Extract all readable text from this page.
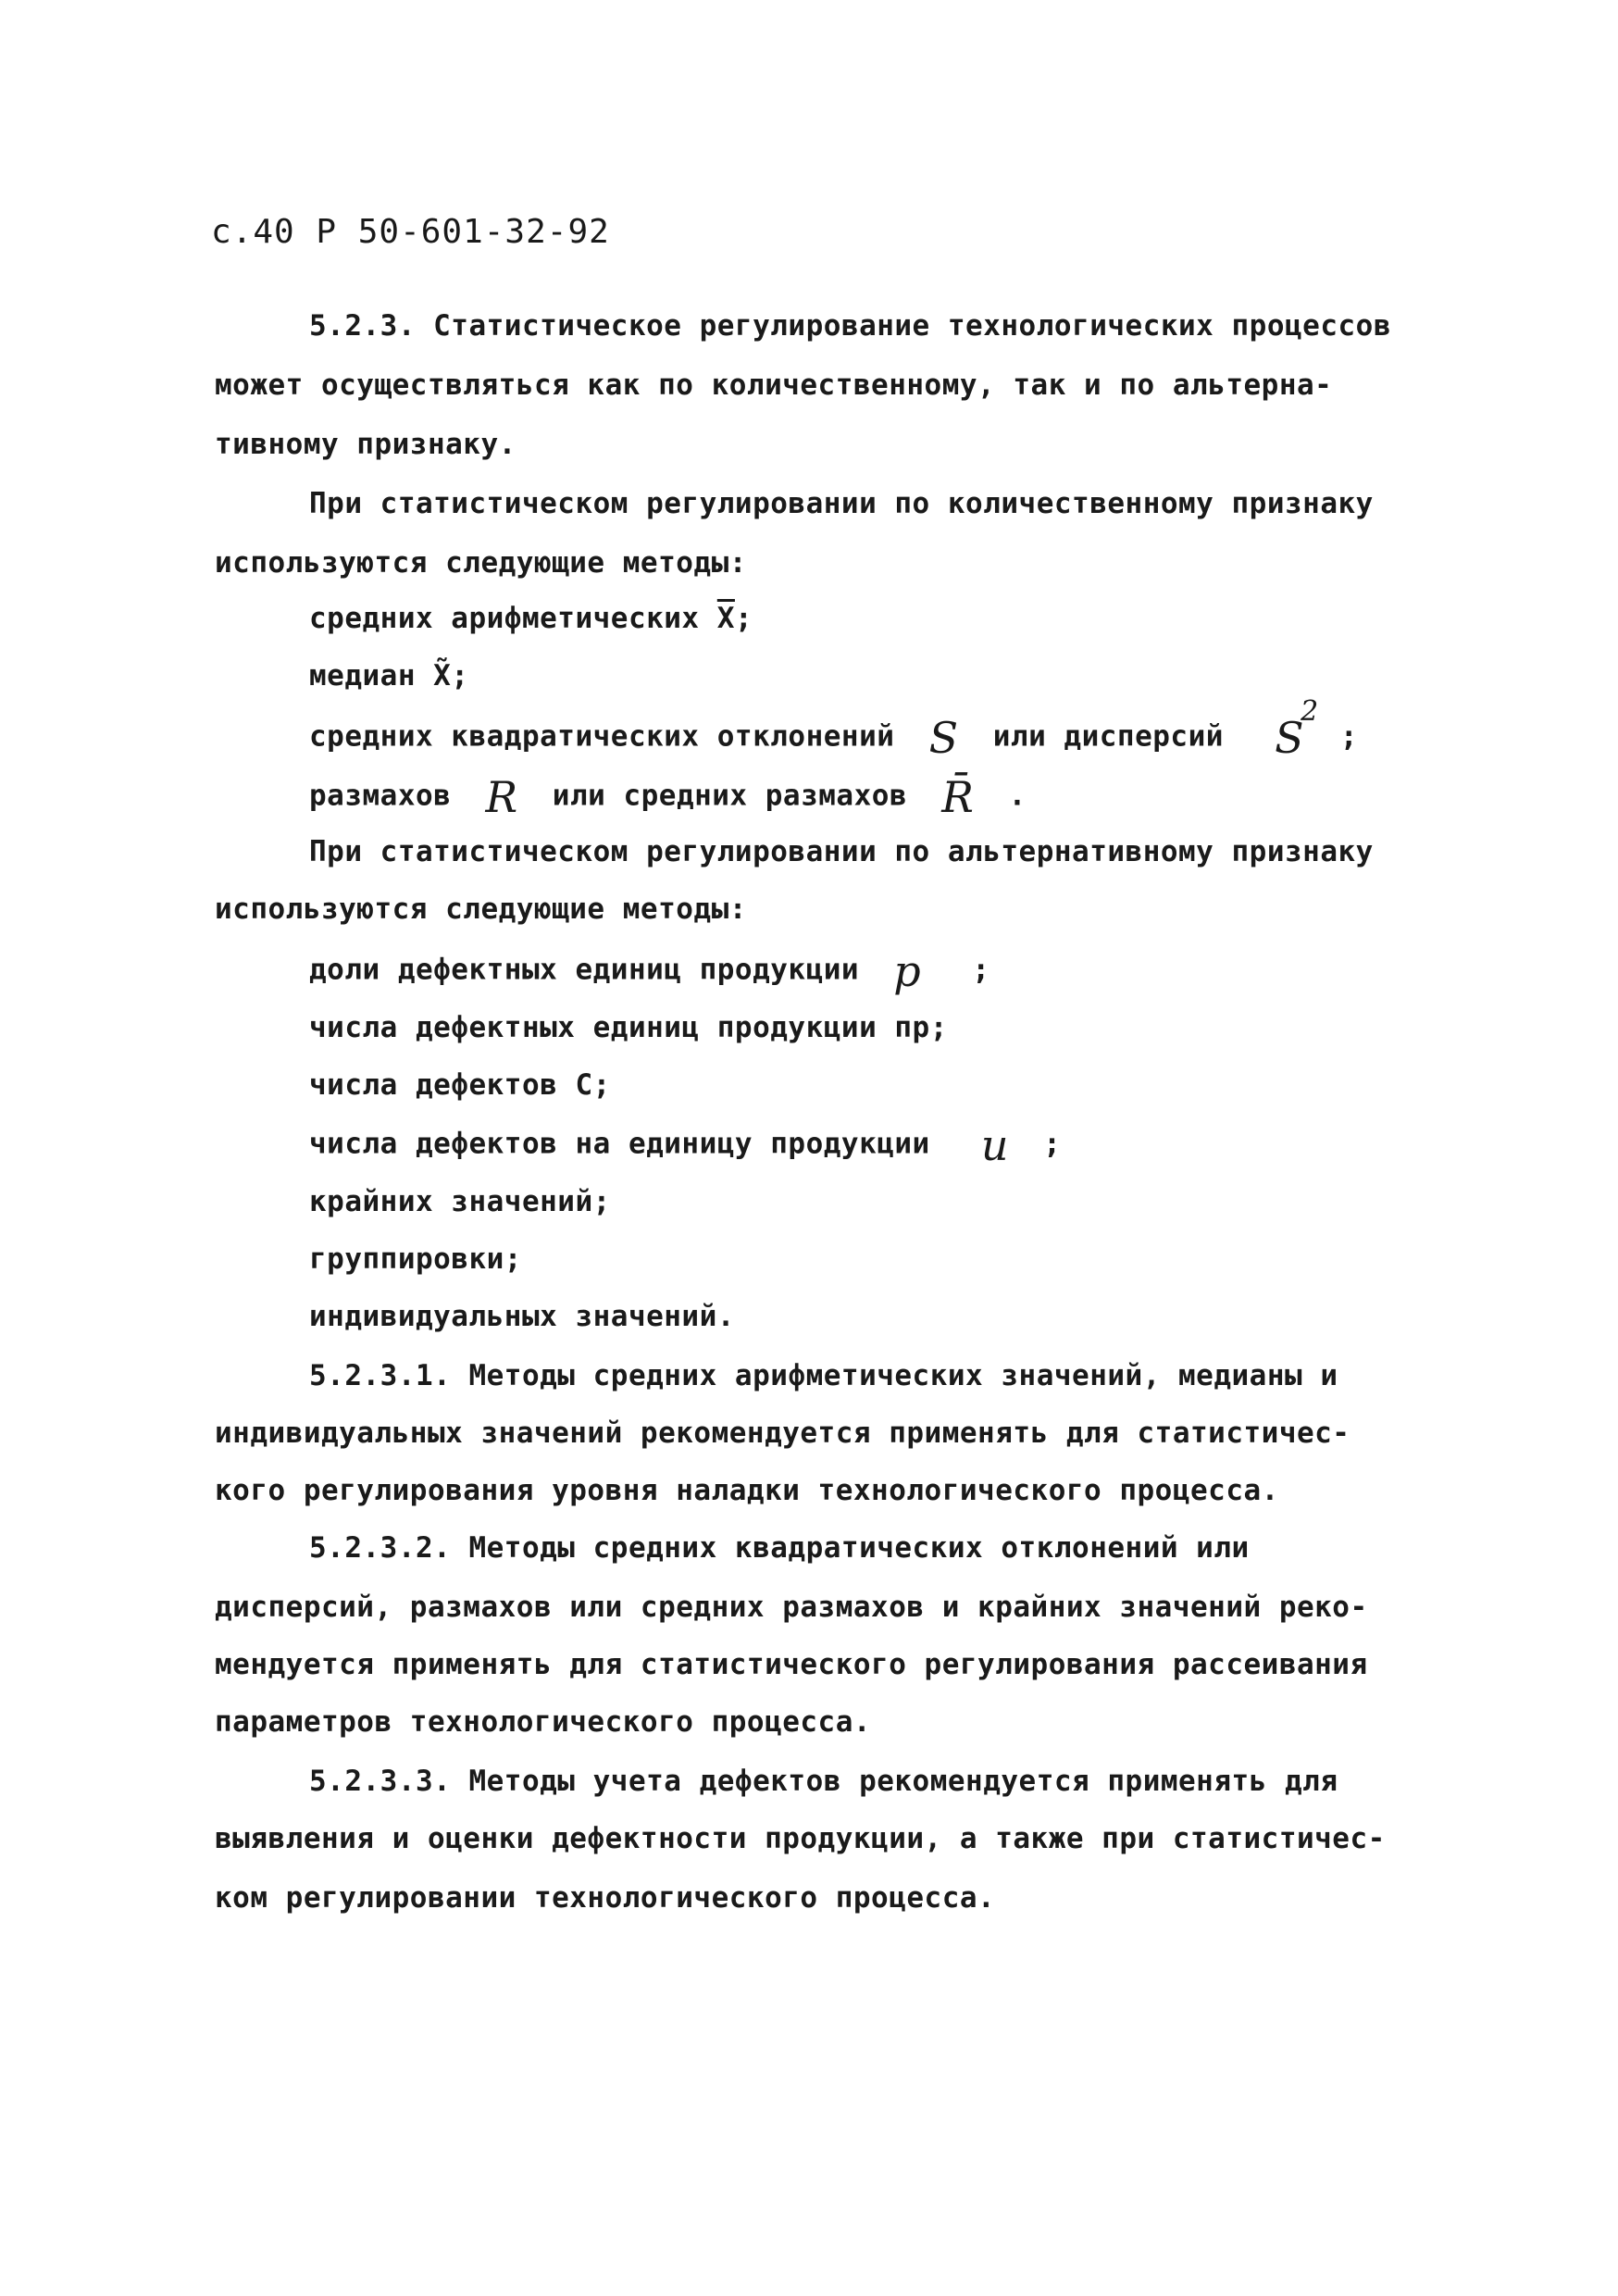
с.40 Р 50-601-32-92
5.2.3. Статистическое регулирование технологических процессов
может осуществляться как по количественному, так и по альтерна-
тивному признаку.
При статистическом регулировании по количественному признаку
используются следующие методы:
средних арифметических $\overline{X}$;
медиан X̃;
средних квадратических отклонений S или дисперсий S2 ;
размахов R или средних размахов R̄ .
При статистическом регулировании по альтернативному признаку
используются следующие методы:
доли дефектных единиц продукции p ;
числа дефектных единиц продукции пр;
числа дефектов С;
числа дефектов на единицу продукции u ;
крайних значений;
группировки;
индивидуальных значений.
5.2.3.1. Методы средних арифметических значений, медианы и
индивидуальных значений рекомендуется применять для статистичес-
кого регулирования уровня наладки технологического процесса.
5.2.3.2. Методы средних квадратических отклонений или
дисперсий, размахов или средних размахов и крайних значений реко-
мендуется применять для статистического регулирования рассеивания
параметров технологического процесса.
5.2.3.3. Методы учета дефектов рекомендуется применять для
выявления и оценки дефектности продукции, а также при статистичес-
ком регулировании технологического процесса.
